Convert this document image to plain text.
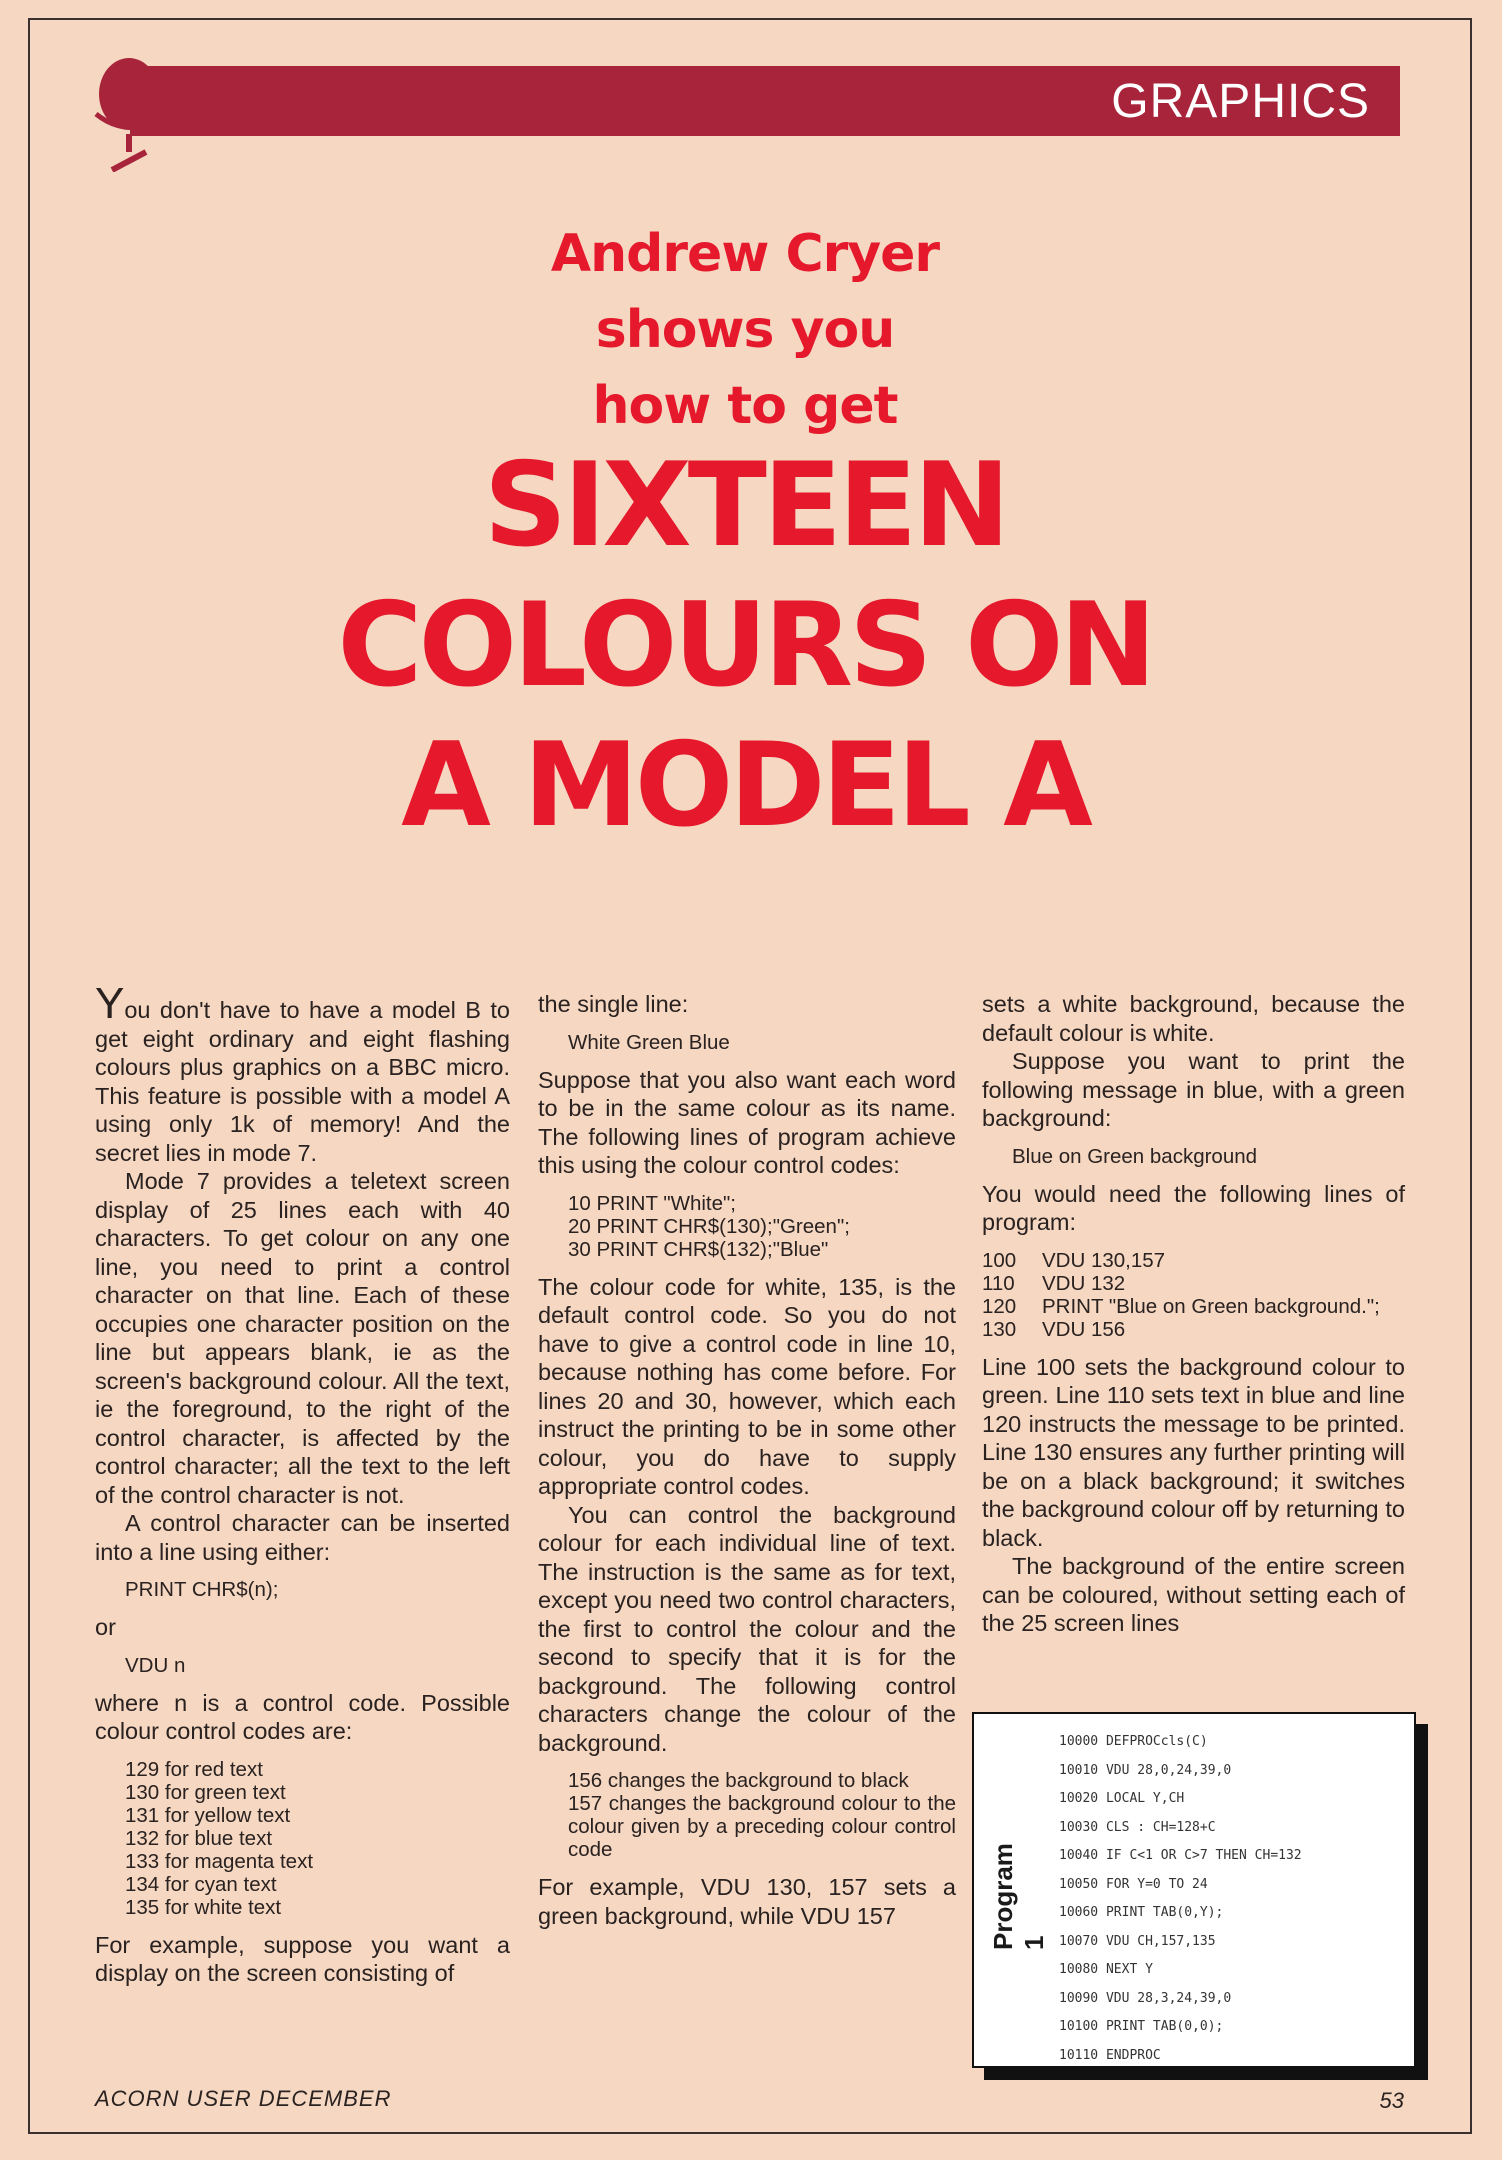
GRAPHICS
Andrew Cryer
shows you
how to get
SIXTEEN
COLOURS ON
A MODEL A

You don't have to have a model B to get eight ordinary and eight flashing colours plus graphics on a BBC micro. This feature is possible with a model A using only 1k of memory! And the secret lies in mode 7.

Mode 7 provides a teletext screen display of 25 lines each with 40 characters. To get colour on any one line, you need to print a control character on that line. Each of these occupies one character position on the line but appears blank, ie as the screen's background colour. All the text, ie the foreground, to the right of the control character, is affected by the control character; all the text to the left of the control character is not.

A control character can be inserted into a line using either:

PRINT CHR$(n);

or

VDU n

where n is a control code. Possible colour control codes are:

129 for red text
130 for green text
131 for yellow text
132 for blue text
133 for magenta text
134 for cyan text
135 for white text

For example, suppose you want a display on the screen consisting of

the single line:

White Green Blue

Suppose that you also want each word to be in the same colour as its name. The following lines of program achieve this using the colour control codes:

10 PRINT "White";
20 PRINT CHR$(130);"Green";
30 PRINT CHR$(132);"Blue"

The colour code for white, 135, is the default control code. So you do not have to give a control code in line 10, because nothing has come before. For lines 20 and 30, however, which each instruct the printing to be in some other colour, you do have to supply appropriate control codes.

You can control the background colour for each individual line of text. The instruction is the same as for text, except you need two control characters, the first to control the colour and the second to specify that it is for the background. The following control characters change the colour of the background.

156 changes the background to black
157 changes the background colour to the colour given by a preceding colour control code

For example, VDU 130, 157 sets a green background, while VDU 157

sets a white background, because the default colour is white.

Suppose you want to print the following message in blue, with a green background:

Blue on Green background

You would need the following lines of program:

100	VDU 130,157
110	VDU 132
120	PRINT "Blue on Green background.";
130	VDU 156

Line 100 sets the background colour to green. Line 110 sets text in blue and line 120 instructs the message to be printed. Line 130 ensures any further printing will be on a black background; it switches the background colour off by returning to black.

The background of the entire screen can be coloured, without setting each of the 25 screen lines

Program 1
10000 DEFPROCcls(C)
10010 VDU 28,0,24,39,0
10020 LOCAL Y,CH
10030 CLS : CH=128+C
10040 IF C<1 OR C>7 THEN CH=132
10050 FOR Y=0 TO 24
10060 PRINT TAB(0,Y);
10070 VDU CH,157,135
10080 NEXT Y
10090 VDU 28,3,24,39,0
10100 PRINT TAB(0,0);
10110 ENDPROC
ACORN USER DECEMBER	53
